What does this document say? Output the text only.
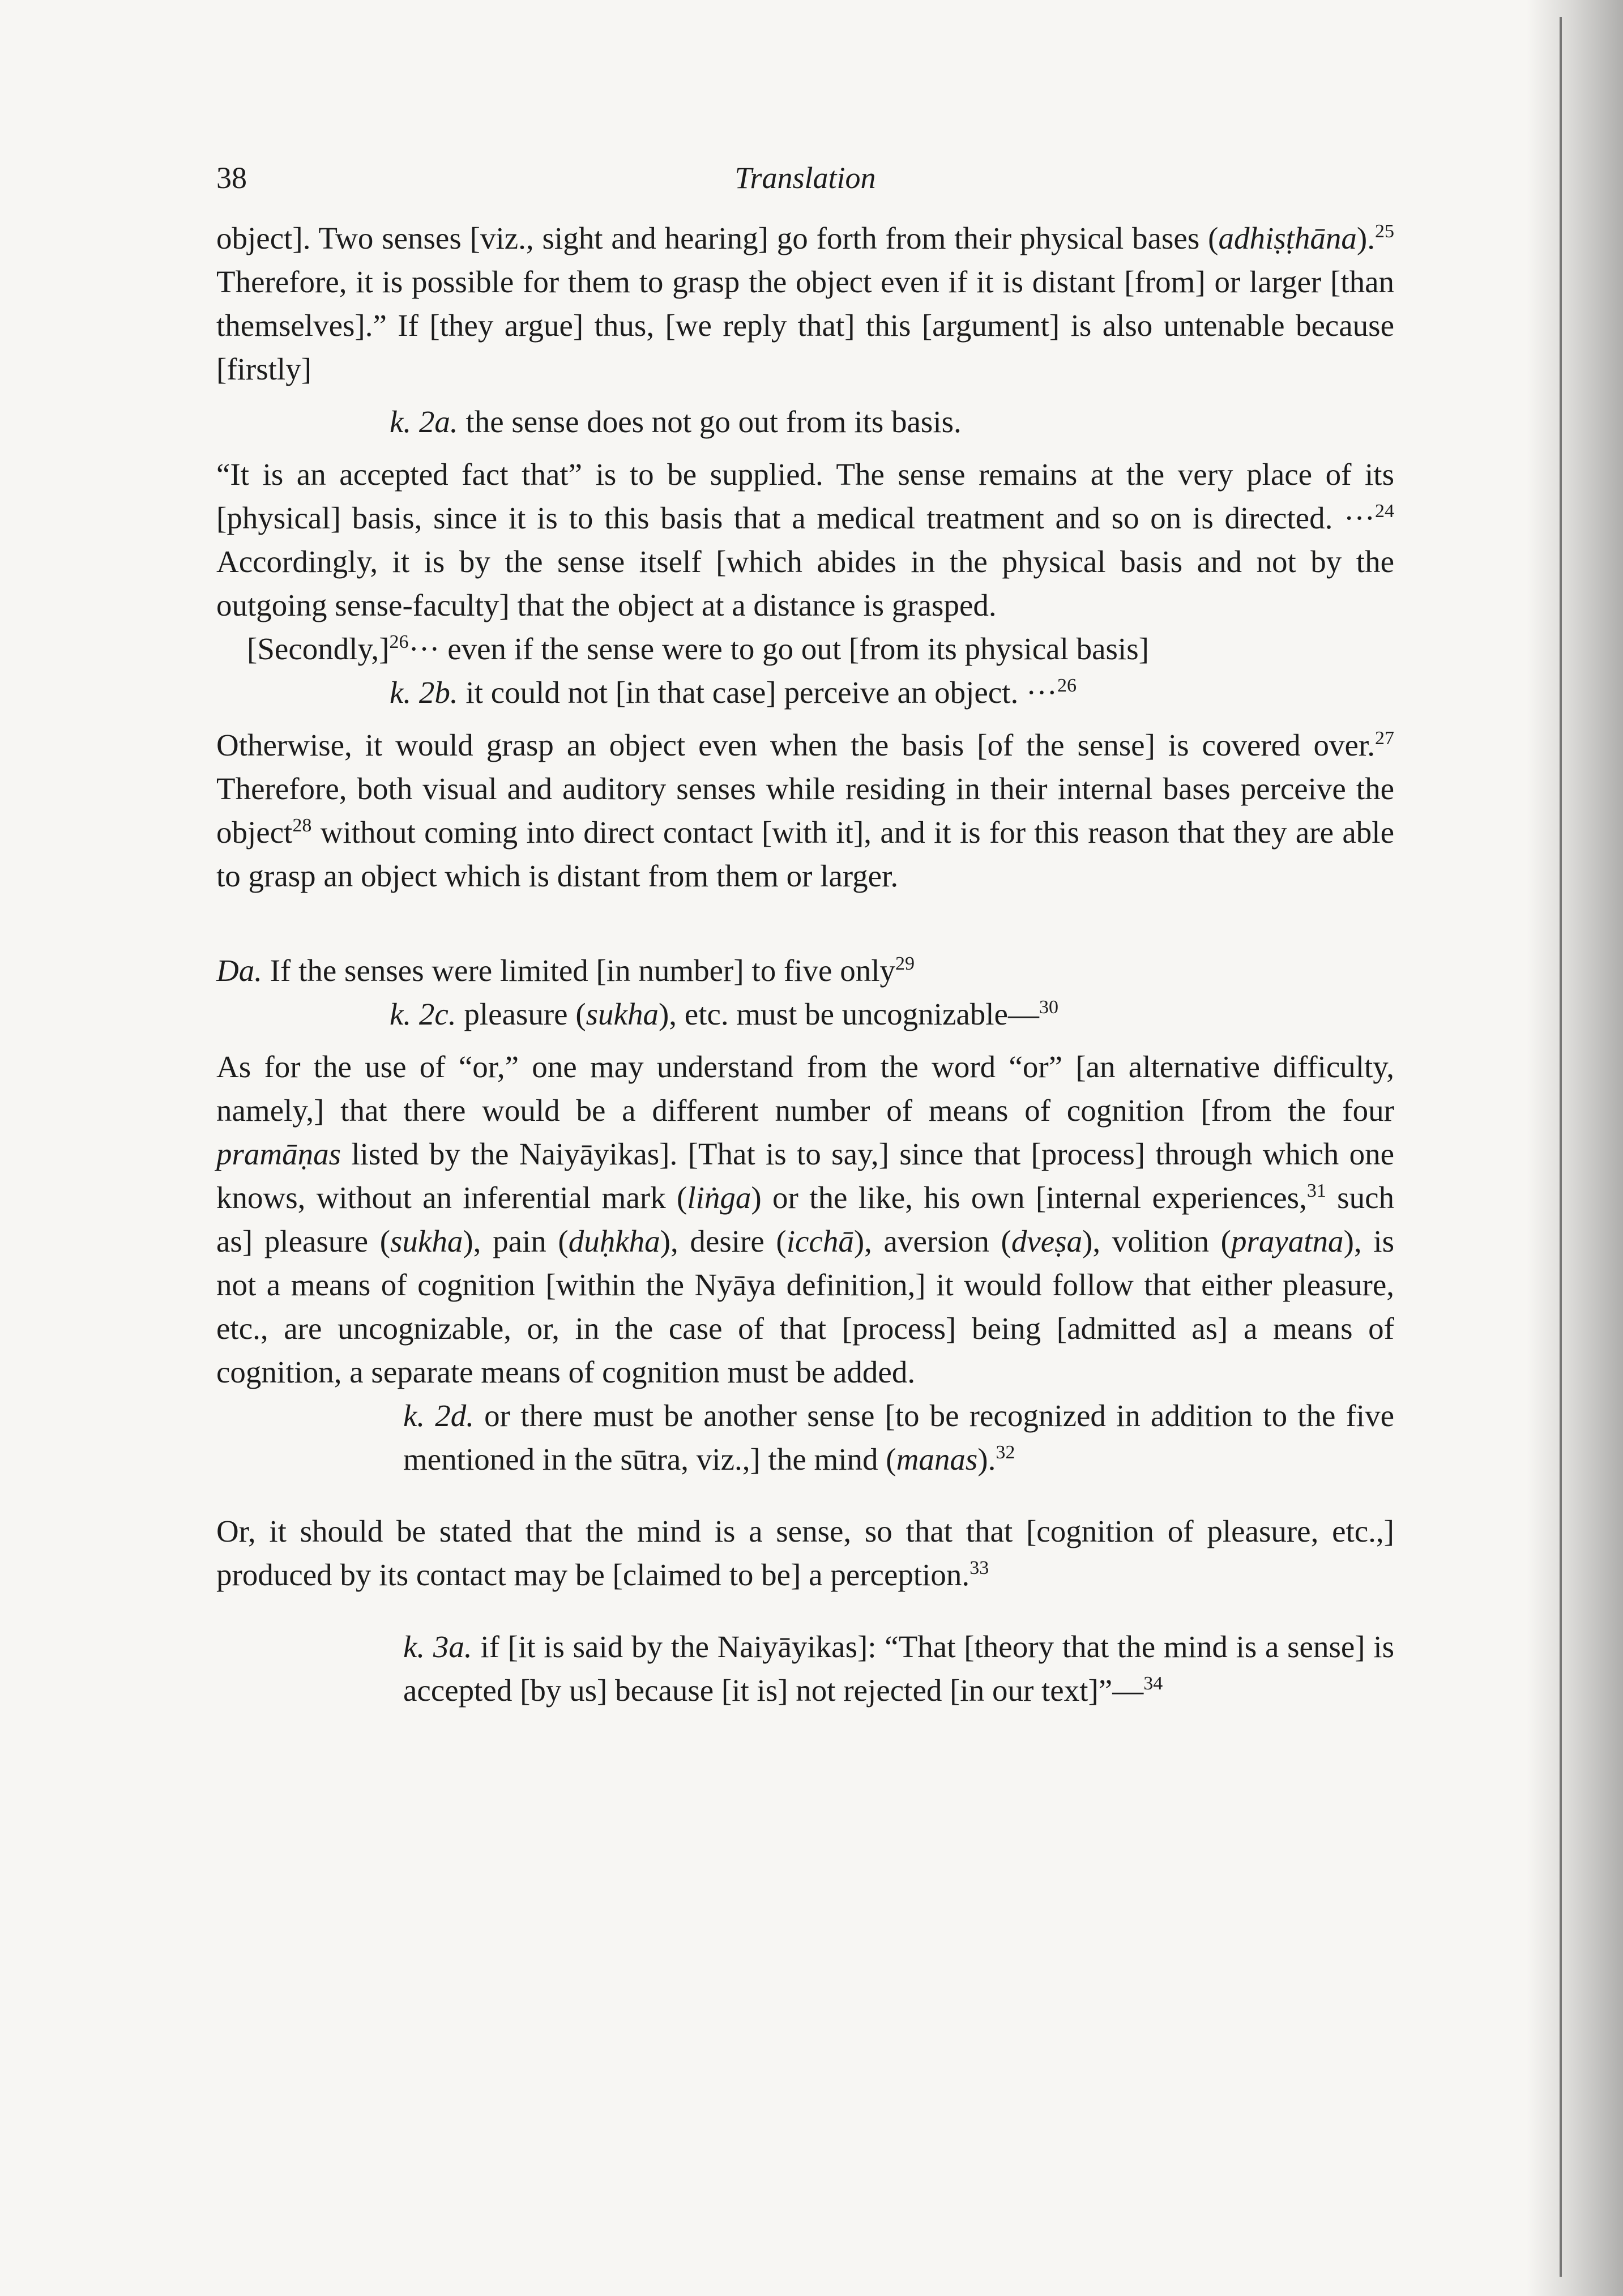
38	Translation

object]. Two senses [viz., sight and hearing] go forth from their physical bases (adhiṣṭhāna).$^{25}$ Therefore, it is possible for them to grasp the object even if it is distant [from] or larger [than themselves].” If [they argue] thus, [we reply that] this [argument] is also untenable because [firstly]

k. 2a. the sense does not go out from its basis.

“It is an accepted fact that” is to be supplied. The sense remains at the very place of its [physical] basis, since it is to this basis that a medical treatment and so on is directed. ···$^{24}$ Accordingly, it is by the sense itself [which abides in the physical basis and not by the outgoing sense-faculty] that the object at a distance is grasped.

[Secondly,]$^{26}$··· even if the sense were to go out [from its physical basis]

k. 2b. it could not [in that case] perceive an object. ···$^{26}$

Otherwise, it would grasp an object even when the basis [of the sense] is covered over.$^{27}$ Therefore, both visual and auditory senses while residing in their internal bases perceive the object$^{28}$ without coming into direct contact [with it], and it is for this reason that they are able to grasp an object which is distant from them or larger.

Da. If the senses were limited [in number] to five only$^{29}$

k. 2c. pleasure (sukha), etc. must be uncognizable—$^{30}$

As for the use of “or,” one may understand from the word “or” [an alternative difficulty, namely,] that there would be a different number of means of cognition [from the four pramāṇas listed by the Naiyāyikas]. [That is to say,] since that [process] through which one knows, without an inferential mark (liṅga) or the like, his own [internal experiences,$^{31}$ such as] pleasure (sukha), pain (duḥkha), desire (icchā), aversion (dveṣa), volition (prayatna), is not a means of cognition [within the Nyāya definition,] it would follow that either pleasure, etc., are uncognizable, or, in the case of that [process] being [admitted as] a means of cognition, a separate means of cognition must be added.

k. 2d. or there must be another sense [to be recognized in addition to the five mentioned in the sūtra, viz.,] the mind (manas).$^{32}$

Or, it should be stated that the mind is a sense, so that that [cognition of pleasure, etc.,] produced by its contact may be [claimed to be] a perception.$^{33}$

k. 3a. if [it is said by the Naiyāyikas]: “That [theory that the mind is a sense] is accepted [by us] because [it is] not rejected [in our text]”—$^{34}$
